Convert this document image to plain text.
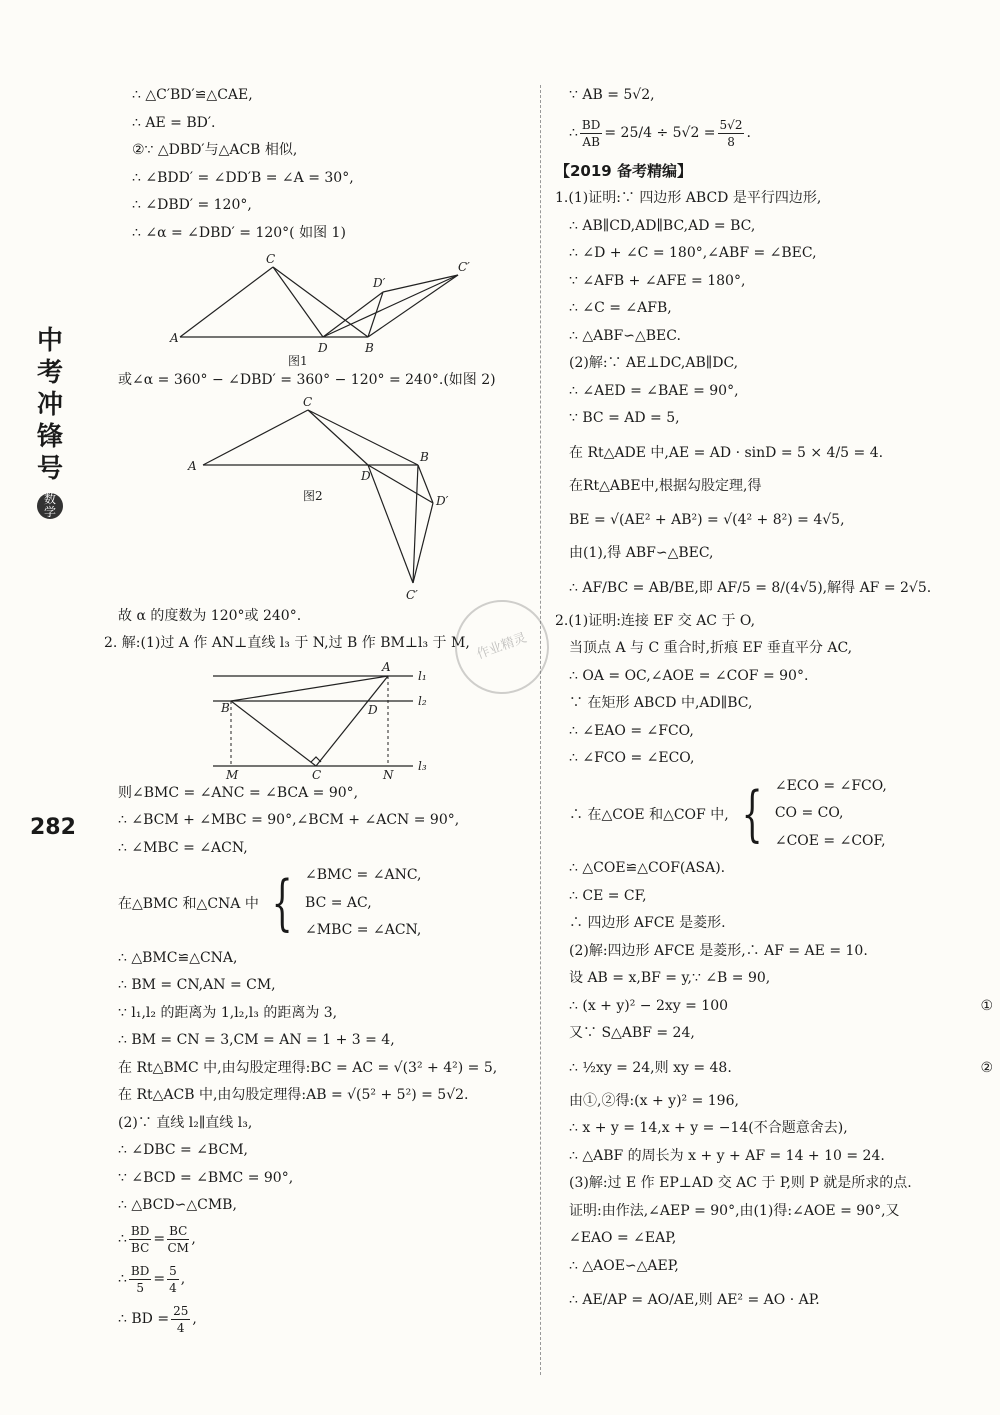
中
考
冲
锋
号
数
学
282
∴ △C′BD′≌△CAE,
∴ AE = BD′.
②∵ △DBD′与△ACB 相似,
∴ ∠BDD′ = ∠DD′B = ∠A = 30°,
∴ ∠DBD′ = 120°,
∴ ∠α = ∠DBD′ = 120°( 如图 1)
C
D′
C′
A
D	B
图1
或∠α = 360° − ∠DBD′ = 360° − 120° = 240°.(如图 2)
C
A
B
D
D′
C′
图2
故 α 的度数为 120°或 240°.
2. 解:(1)过 A 作 AN⊥直线 l₃ 于 N,过 B 作 BM⊥l₃ 于 M,
A
l₁
B	D
l₂
M	C	N
l₃
则∠BMC = ∠ANC = ∠BCA = 90°,
∴ ∠BCM + ∠MBC = 90°,∠BCM + ∠ACN = 90°,
∴ ∠MBC = ∠ACN,
在△BMC 和△CNA 中 { ∠BMC = ∠ANC,
BC = AC,
∠MBC = ∠ACN,
∴ △BMC≌△CNA,
∴ BM = CN,AN = CM,
∵ l₁,l₂ 的距离为 1,l₂,l₃ 的距离为 3,
∴ BM = CN = 3,CM = AN = 1 + 3 = 4,
在 Rt△BMC 中,由勾股定理得:BC = AC = √(3² + 4²) = 5,
在 Rt△ACB 中,由勾股定理得:AB = √(5² + 5²) = 5√2.
(2)∵ 直线 l₂∥直线 l₃,
∴ ∠DBC = ∠BCM,
∵ ∠BCD = ∠BMC = 90°,
∴ △BCD∽△CMB,
∴ BD
BC
= BC
CM
,
∴ BD
5
= 5
4
,
∴ BD = $\frac{25}{4}$ ,
∵ AB = 5√2,
∴ $\frac{BD}{AB} = 25/4 \div 5√2 = \frac{5√2}{8}$ .
【2019 备考精编】
1.(1)证明:∵ 四边形 ABCD 是平行四边形,
∴ AB∥CD,AD∥BC,AD = BC,
∴ ∠D + ∠C = 180°,∠ABF = ∠BEC,
∵ ∠AFB + ∠AFE = 180°,
∴ ∠C = ∠AFB,
∴ △ABF∽△BEC.
(2)解:∵ AE⊥DC,AB∥DC,
∴ ∠AED = ∠BAE = 90°,
∵ BC = AD = 5,
在 Rt△ADE 中,AE = AD · sinD = 5 × 4/5 = 4.
在Rt△ABE中,根据勾股定理,得
BE = √(AE² + AB²) = √(4² + 8²) = 4√5,
由(1),得 ABF∽△BEC,
∴ AF/BC = AB/BE,即 AF/5 = 8/(4√5),解得 AF = 2√5.
2.(1)证明:连接 EF 交 AC 于 O,
当顶点 A 与 C 重合时,折痕 EF 垂直平分 AC,
∴ OA = OC,∠AOE = ∠COF = 90°.
∵ 在矩形 ABCD 中,AD∥BC,
∴ ∠EAO = ∠FCO,
∴ ∠FCO = ∠ECO,
∴ 在△COE 和△COF 中, { ∠ECO = ∠FCO,
CO = CO,
∠COE = ∠COF,
∴ △COE≌△COF(ASA).
∴ CE = CF,
∴ 四边形 AFCE 是菱形.
(2)解:四边形 AFCE 是菱形,∴ AF = AE = 10.
设 AB = x,BF = y,∵ ∠B = 90,
∴ (x + y)² − 2xy = 100	①
又∵ S△ABF = 24,
∴ ½xy = 24,则 xy = 48.	②
由①,②得:(x + y)² = 196,
∴ x + y = 14,x + y = −14(不合题意舍去),
∴ △ABF 的周长为 x + y + AF = 14 + 10 = 24.
(3)解:过 E 作 EP⊥AD 交 AC 于 P,则 P 就是所求的点.
证明:由作法,∠AEP = 90°,由(1)得:∠AOE = 90°,又
∠EAO = ∠EAP,
∴ △AOE∽△AEP,
∴ AE/AP = AO/AE,则 AE² = AO · AP.
作业精灵
